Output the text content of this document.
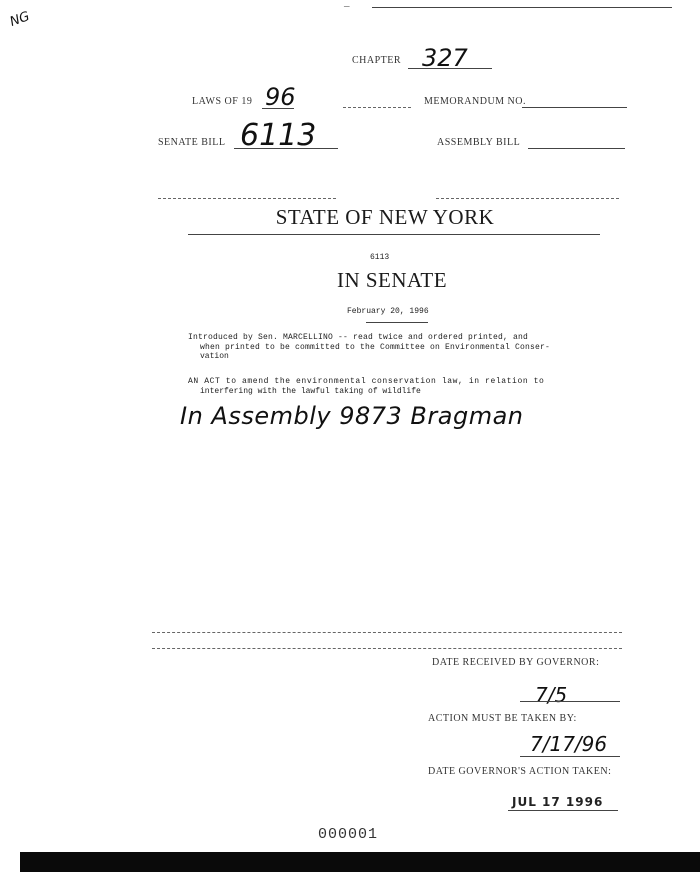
NG
–
CHAPTER 327
LAWS OF 19 96	MEMORANDUM NO.
SENATE BILL 6113	ASSEMBLY BILL
STATE OF NEW YORK
6113
IN SENATE
February 20, 1996
Introduced by Sen. MARCELLINO -- read twice and ordered printed, and
when printed to be committed to the Committee on Environmental Conser-
vation
AN ACT to amend the environmental conservation law, in relation to
interfering with the lawful taking of wildlife
In Assembly 9873 Bragman
DATE RECEIVED BY GOVERNOR:
7/5
ACTION MUST BE TAKEN BY:
7/17/96
DATE GOVERNOR'S ACTION TAKEN:
JUL 17 1996
000001
